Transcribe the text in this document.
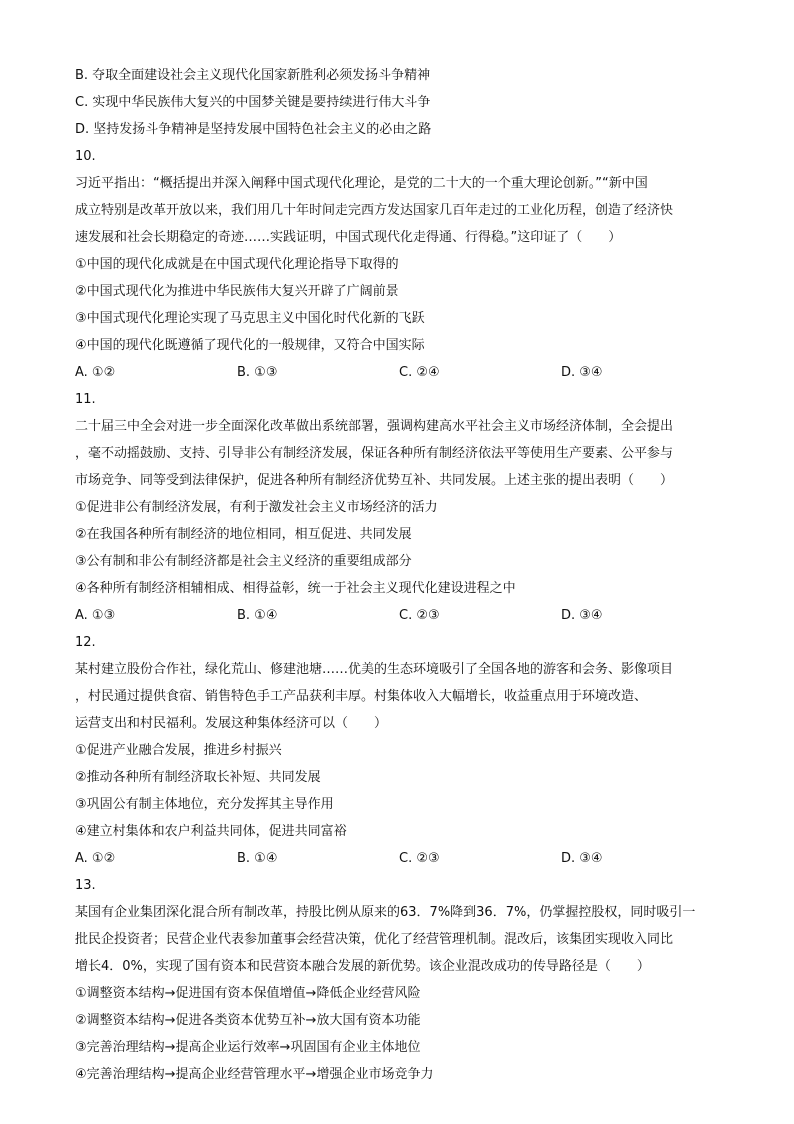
B. 夺取全面建设社会主义现代化国家新胜利必须发扬斗争精神
C. 实现中华民族伟大复兴的中国梦关键是要持续进行伟大斗争
D. 坚持发扬斗争精神是坚持发展中国特色社会主义的必由之路
10.
习近平指出：“概括提出并深入阐释中国式现代化理论，是党的二十大的一个重大理论创新。”“新中国
成立特别是改革开放以来，我们用几十年时间走完西方发达国家几百年走过的工业化历程，创造了经济快
速发展和社会长期稳定的奇迹……实践证明，中国式现代化走得通、行得稳。”这印证了（　　）
①中国的现代化成就是在中国式现代化理论指导下取得的
②中国式现代化为推进中华民族伟大复兴开辟了广阔前景
③中国式现代化理论实现了马克思主义中国化时代化新的飞跃
④中国的现代化既遵循了现代化的一般规律，又符合中国实际
A. ①②	B. ①③	C. ②④	D. ③④
11.
二十届三中全会对进一步全面深化改革做出系统部署，强调构建高水平社会主义市场经济体制，全会提出
，毫不动摇鼓励、支持、引导非公有制经济发展，保证各种所有制经济依法平等使用生产要素、公平参与
市场竞争、同等受到法律保护，促进各种所有制经济优势互补、共同发展。上述主张的提出表明（　　）
①促进非公有制经济发展，有利于激发社会主义市场经济的活力
②在我国各种所有制经济的地位相同，相互促进、共同发展
③公有制和非公有制经济都是社会主义经济的重要组成部分
④各种所有制经济相辅相成、相得益彰，统一于社会主义现代化建设进程之中
A. ①③	B. ①④	C. ②③	D. ③④
12.
某村建立股份合作社，绿化荒山、修建池塘……优美的生态环境吸引了全国各地的游客和会务、影像项目
，村民通过提供食宿、销售特色手工产品获利丰厚。村集体收入大幅增长，收益重点用于环境改造、
运营支出和村民福利。发展这种集体经济可以（　　）
①促进产业融合发展，推进乡村振兴
②推动各种所有制经济取长补短、共同发展
③巩固公有制主体地位，充分发挥其主导作用
④建立村集体和农户利益共同体，促进共同富裕
A. ①②	B. ①④	C. ②③	D. ③④
13.
某国有企业集团深化混合所有制改革，持股比例从原来的63．7%降到36．7%，仍掌握控股权，同时吸引一
批民企投资者；民营企业代表参加董事会经营决策，优化了经营管理机制。混改后，该集团实现收入同比
增长4．0%，实现了国有资本和民营资本融合发展的新优势。该企业混改成功的传导路径是（　　）
①调整资本结构→促进国有资本保值增值→降低企业经营风险
②调整资本结构→促进各类资本优势互补→放大国有资本功能
③完善治理结构→提高企业运行效率→巩固国有企业主体地位
④完善治理结构→提高企业经营管理水平→增强企业市场竞争力
